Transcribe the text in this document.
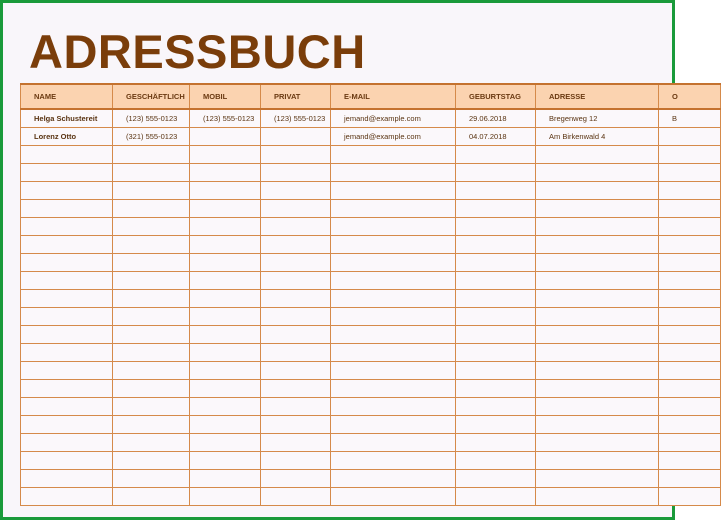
ADRESSBUCH
NAME	GESCHÄFTLICH	MOBIL	PRIVAT	E-MAIL	GEBURTSTAG	ADRESSE	O
Helga Schustereit	(123) 555-0123	(123) 555-0123	(123) 555-0123	jemand@example.com	29.06.2018	Bregenweg 12	B
Lorenz Otto	(321) 555-0123			jemand@example.com	04.07.2018	Am Birkenwald 4	
